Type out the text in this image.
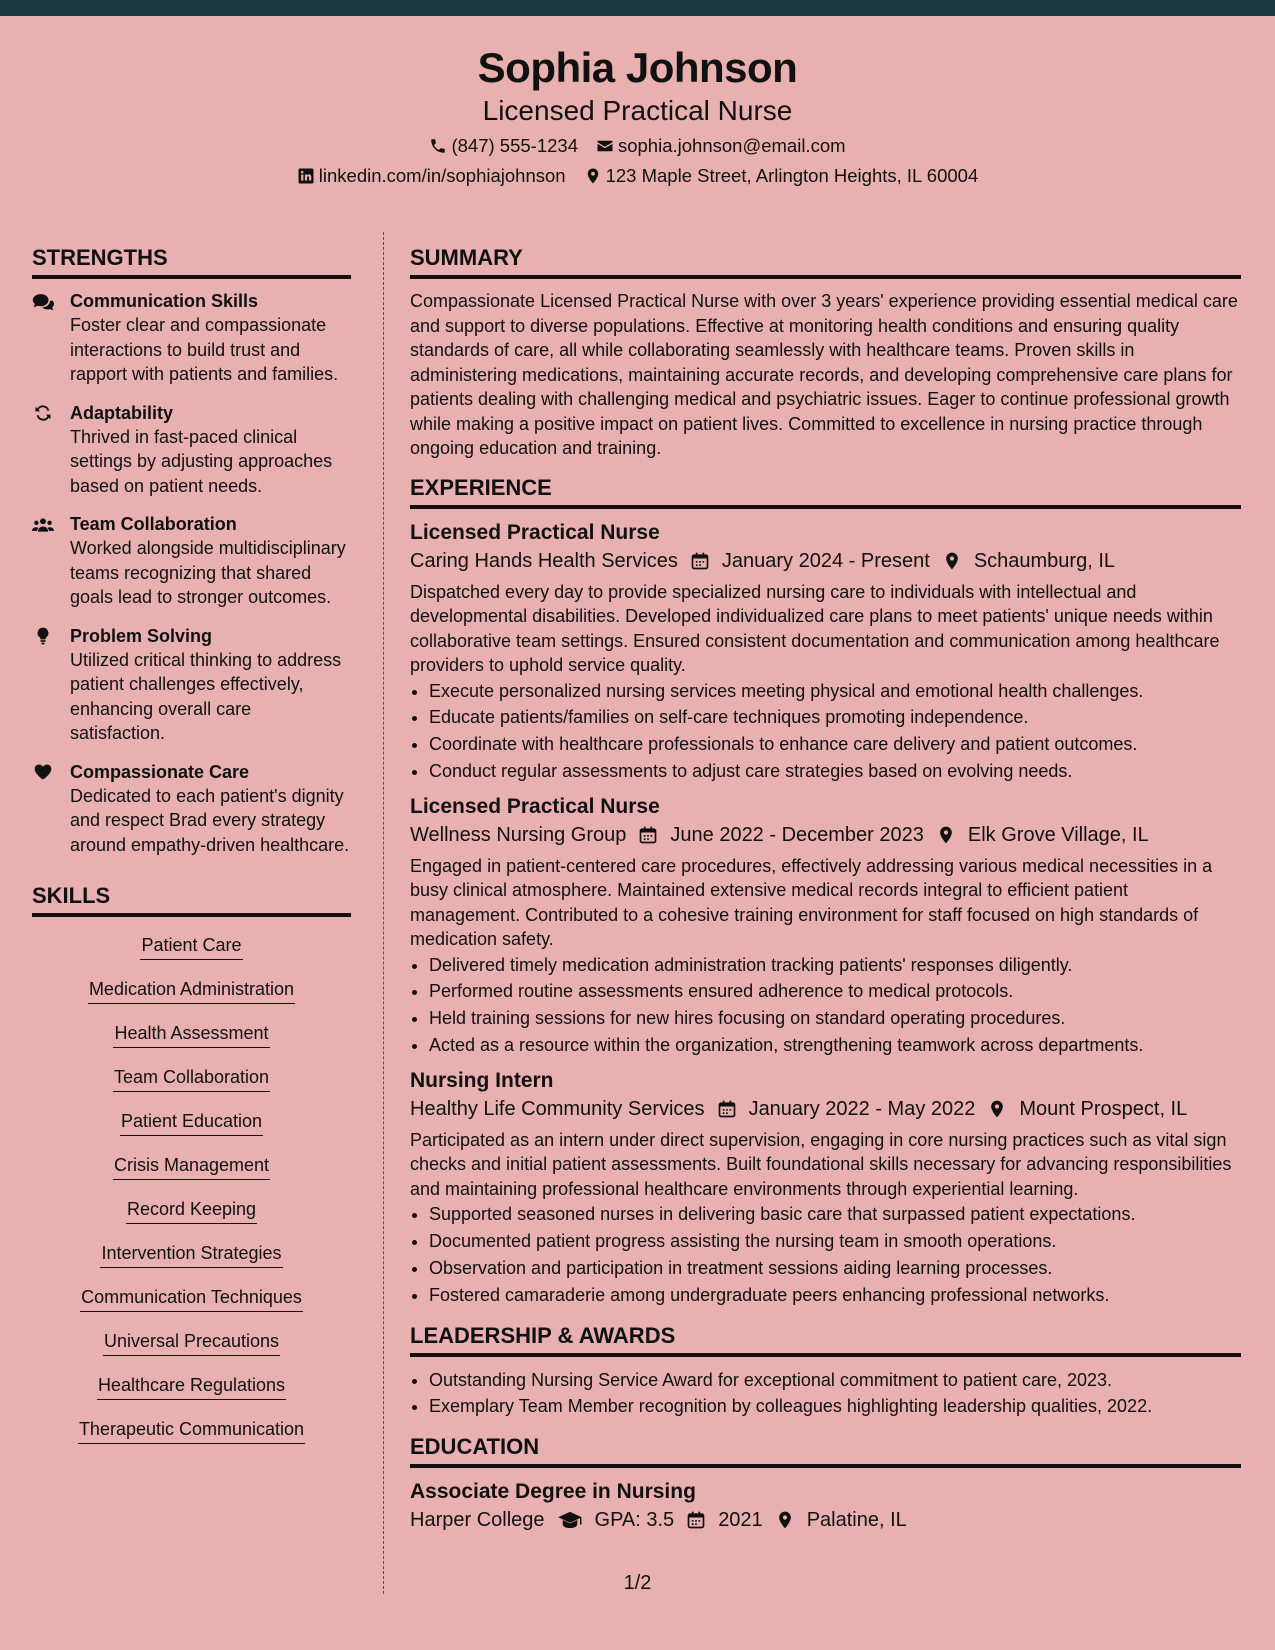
Sophia Johnson
Licensed Practical Nurse
(847) 555-1234 sophia.johnson@email.com
linkedin.com/in/sophiajohnson 123 Maple Street, Arlington Heights, IL 60004
STRENGTHS
Communication Skills
Foster clear and compassionate interactions to build trust and rapport with patients and families.
Adaptability
Thrived in fast-paced clinical settings by adjusting approaches based on patient needs.
Team Collaboration
Worked alongside multidisciplinary teams recognizing that shared goals lead to stronger outcomes.
Problem Solving
Utilized critical thinking to address patient challenges effectively, enhancing overall care satisfaction.
Compassionate Care
Dedicated to each patient's dignity and respect Brad every strategy around empathy-driven healthcare.
SKILLS
Patient Care
Medication Administration
Health Assessment
Team Collaboration
Patient Education
Crisis Management
Record Keeping
Intervention Strategies
Communication Techniques
Universal Precautions
Healthcare Regulations
Therapeutic Communication
SUMMARY
Compassionate Licensed Practical Nurse with over 3 years' experience providing essential medical care and support to diverse populations. Effective at monitoring health conditions and ensuring quality standards of care, all while collaborating seamlessly with healthcare teams. Proven skills in administering medications, maintaining accurate records, and developing comprehensive care plans for patients dealing with challenging medical and psychiatric issues. Eager to continue professional growth while making a positive impact on patient lives. Committed to excellence in nursing practice through ongoing education and training.
EXPERIENCE
Licensed Practical Nurse
Caring Hands Health Services January 2024 - Present Schaumburg, IL
Dispatched every day to provide specialized nursing care to individuals with intellectual and developmental disabilities. Developed individualized care plans to meet patients' unique needs within collaborative team settings. Ensured consistent documentation and communication among healthcare providers to uphold service quality.
• Execute personalized nursing services meeting physical and emotional health challenges.
• Educate patients/families on self-care techniques promoting independence.
• Coordinate with healthcare professionals to enhance care delivery and patient outcomes.
• Conduct regular assessments to adjust care strategies based on evolving needs.
Licensed Practical Nurse
Wellness Nursing Group June 2022 - December 2023 Elk Grove Village, IL
Engaged in patient-centered care procedures, effectively addressing various medical necessities in a busy clinical atmosphere. Maintained extensive medical records integral to efficient patient management. Contributed to a cohesive training environment for staff focused on high standards of medication safety.
• Delivered timely medication administration tracking patients' responses diligently.
• Performed routine assessments ensured adherence to medical protocols.
• Held training sessions for new hires focusing on standard operating procedures.
• Acted as a resource within the organization, strengthening teamwork across departments.
Nursing Intern
Healthy Life Community Services January 2022 - May 2022 Mount Prospect, IL
Participated as an intern under direct supervision, engaging in core nursing practices such as vital sign checks and initial patient assessments. Built foundational skills necessary for advancing responsibilities and maintaining professional healthcare environments through experiential learning.
• Supported seasoned nurses in delivering basic care that surpassed patient expectations.
• Documented patient progress assisting the nursing team in smooth operations.
• Observation and participation in treatment sessions aiding learning processes.
• Fostered camaraderie among undergraduate peers enhancing professional networks.
LEADERSHIP & AWARDS
• Outstanding Nursing Service Award for exceptional commitment to patient care, 2023.
• Exemplary Team Member recognition by colleagues highlighting leadership qualities, 2022.
EDUCATION
Associate Degree in Nursing
Harper College	GPA: 3.5 2021 Palatine, IL
1/2
